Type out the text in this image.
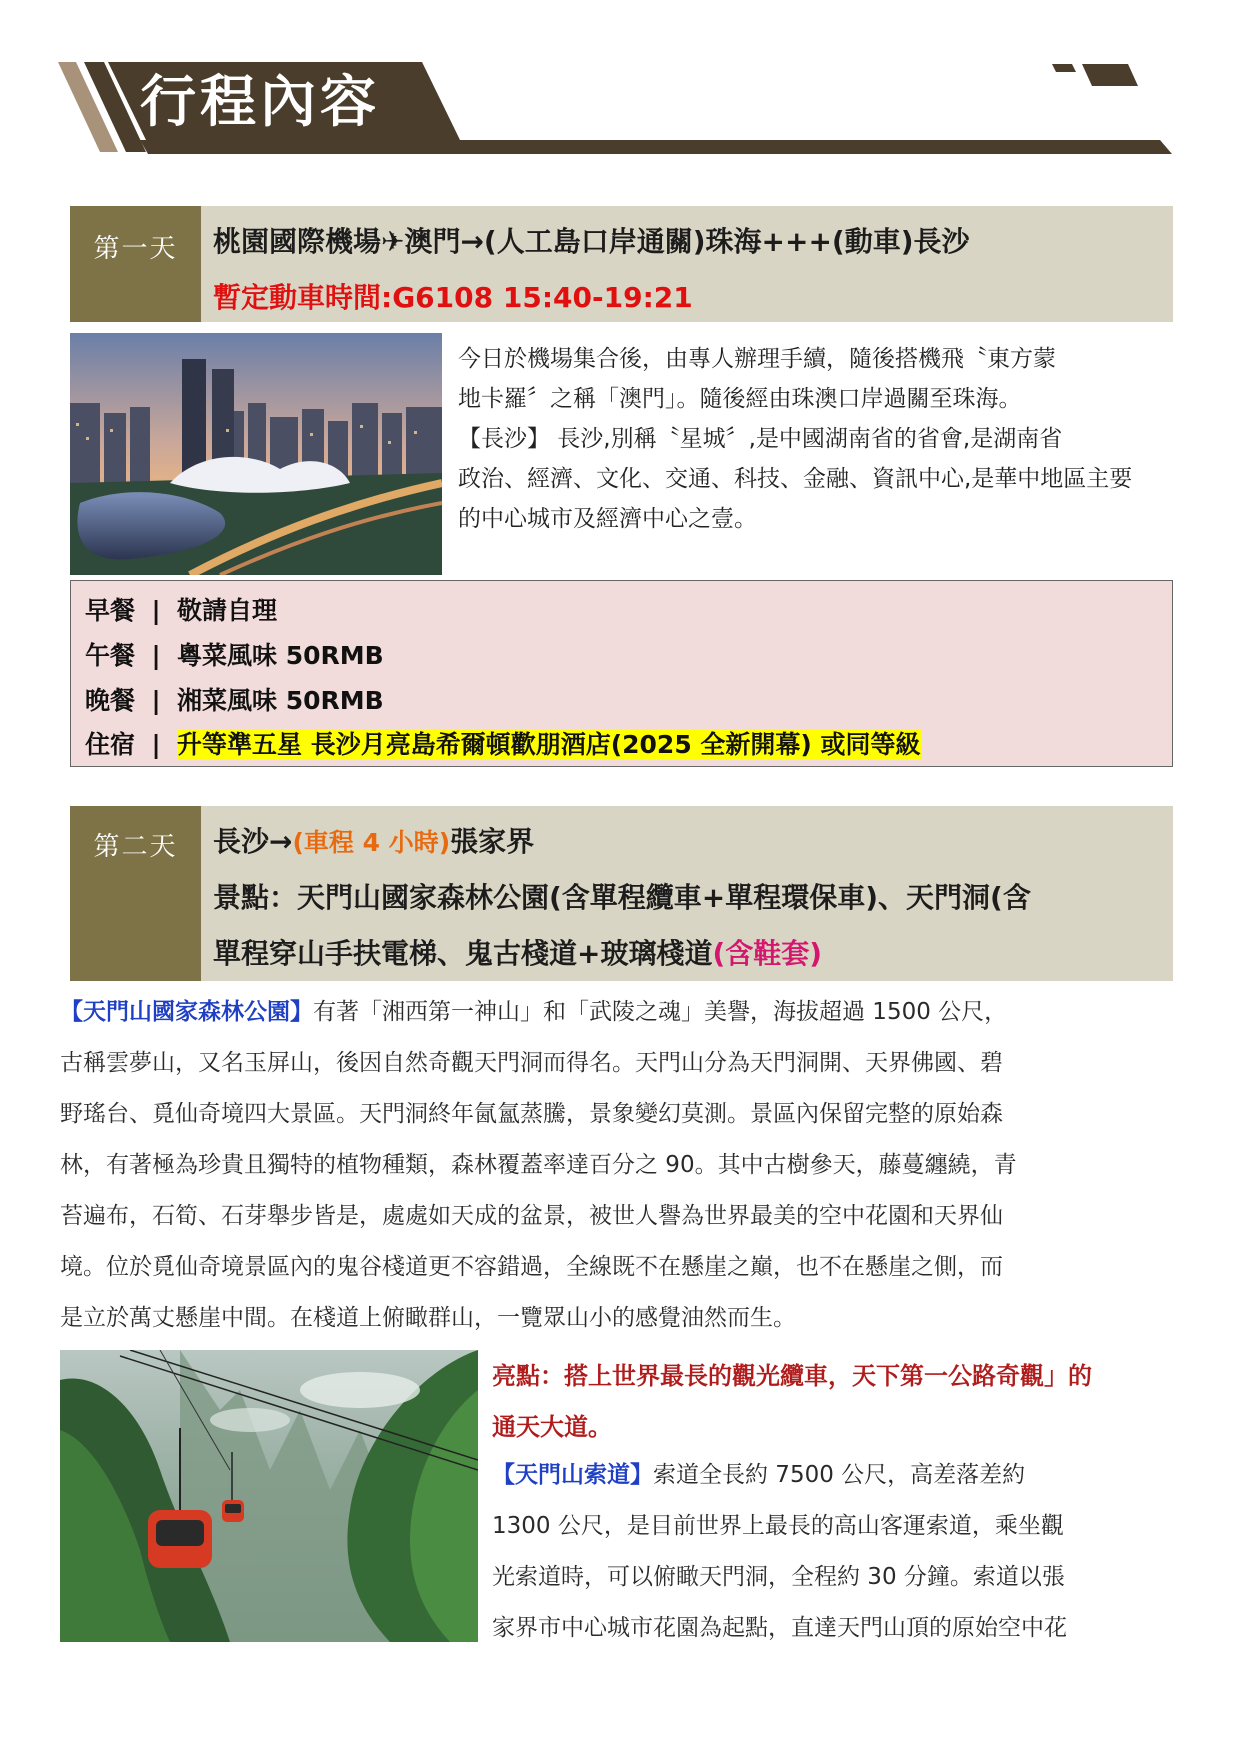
行程內容
第一天	桃園國際機場✈澳門→(人工島口岸通關)珠海+++(動車)長沙
暫定動車時間:G6108 15:40-19:21

今日於機場集合後，由專人辦理手續，隨後搭機飛〝東方蒙

地卡羅〞之稱「澳門」。隨後經由珠澳口岸過關至珠海。

【長沙】 長沙,別稱〝星城〞,是中國湖南省的省會,是湖南省

政治、經濟、文化、交通、科技、金融、資訊中心,是華中地區主要

的中心城市及經濟中心之壹。

早餐 | 敬請自理
午餐 | 粵菜風味 50RMB
晚餐 | 湘菜風味 50RMB
住宿 | 升等準五星 長沙月亮島希爾頓歡朋酒店(2025 全新開幕) 或同等級
第二天	長沙→(車程 4 小時)張家界
景點：天門山國家森林公園(含單程纜車+單程環保車)、天門洞(含
單程穿山手扶電梯、鬼古棧道+玻璃棧道(含鞋套)

【天門山國家森林公園】有著「湘西第一神山」和「武陵之魂」美譽，海拔超過 1500 公尺，

古稱雲夢山，又名玉屏山，後因自然奇觀天門洞而得名。天門山分為天門洞開、天界佛國、碧

野瑤台、覓仙奇境四大景區。天門洞終年氤氳蒸騰，景象變幻莫測。景區內保留完整的原始森

林，有著極為珍貴且獨特的植物種類，森林覆蓋率達百分之 90。其中古樹參天，藤蔓纏繞，青

苔遍布，石筍、石芽舉步皆是，處處如天成的盆景，被世人譽為世界最美的空中花園和天界仙

境。位於覓仙奇境景區內的鬼谷棧道更不容錯過，全線既不在懸崖之巔，也不在懸崖之側，而

是立於萬丈懸崖中間。在棧道上俯瞰群山，一覽眾山小的感覺油然而生。

亮點：搭上世界最長的觀光纜車，天下第一公路奇觀」的
通天大道。

【天門山索道】索道全長約 7500 公尺，高差落差約

1300 公尺，是目前世界上最長的高山客運索道，乘坐觀

光索道時，可以俯瞰天門洞，全程約 30 分鐘。索道以張

家界市中心城市花園為起點，直達天門山頂的原始空中花
